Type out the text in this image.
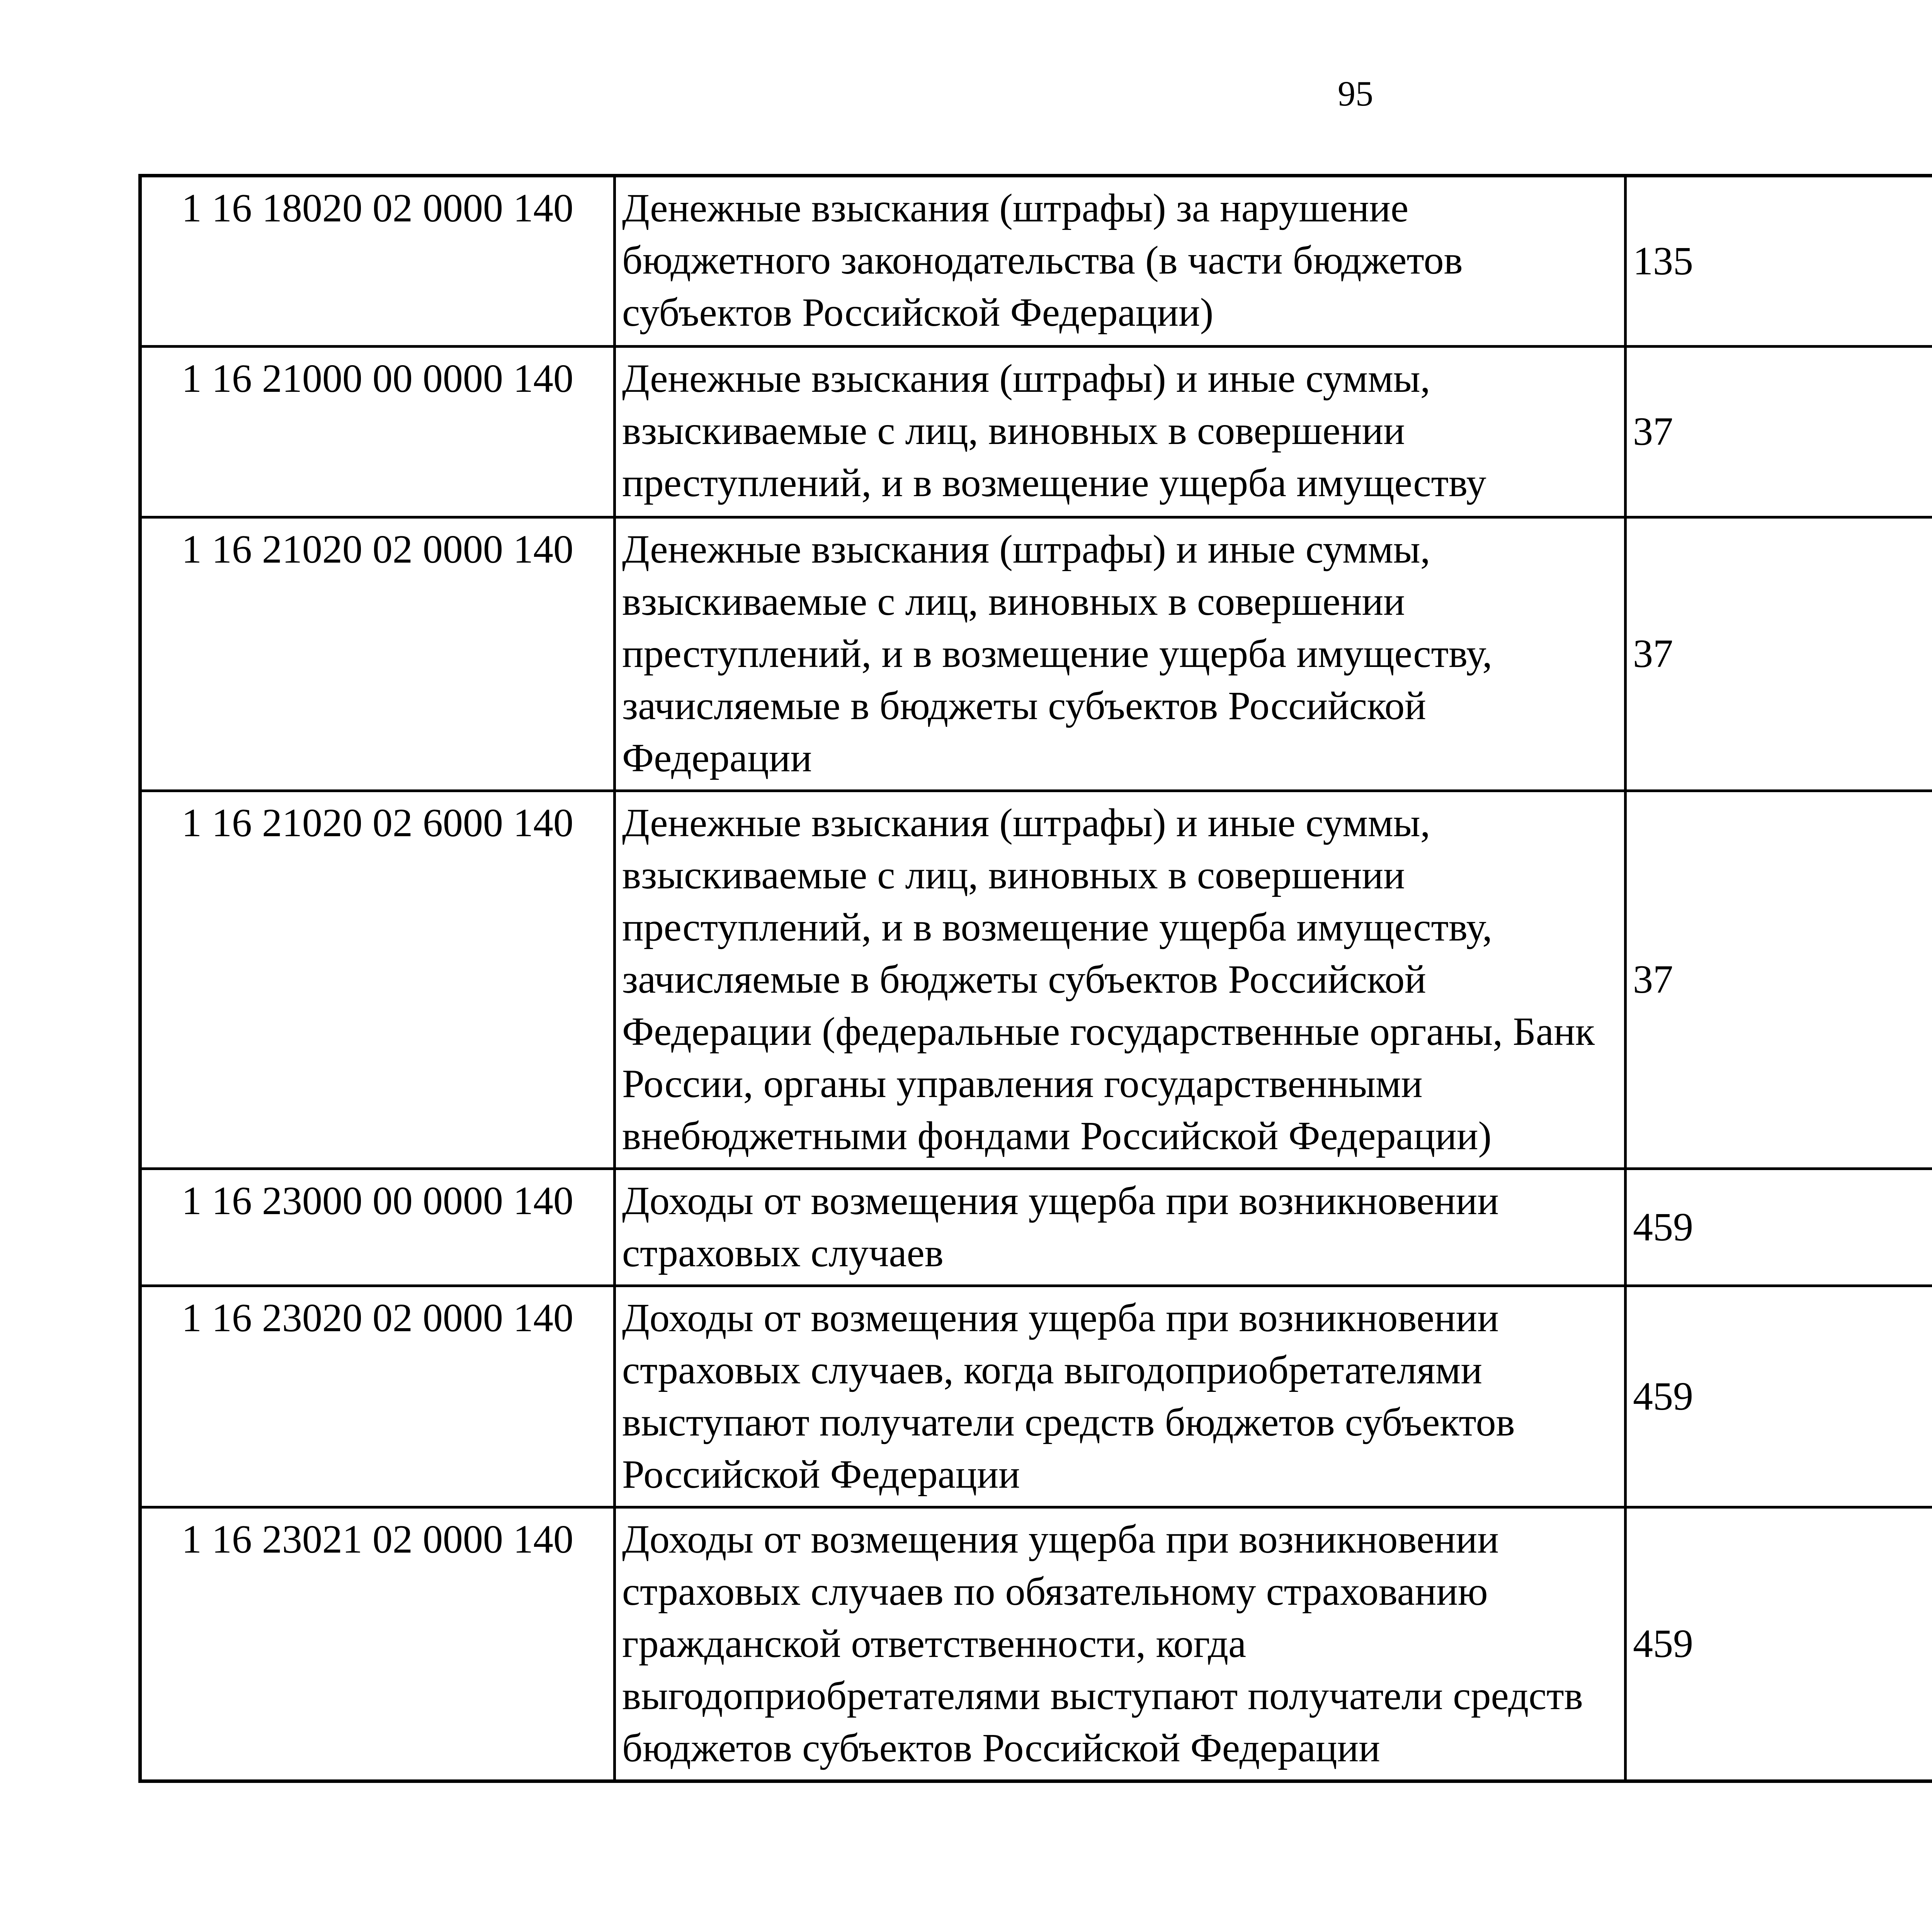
95
1 16 18020 02 0000 140	Денежные взыскания (штрафы) за нарушение бюджетного законодательства (в части бюджетов субъектов Российской Федерации)	135		
1 16 21000 00 0000 140	Денежные взыскания (штрафы) и иные суммы, взыскиваемые с лиц, виновных в совершении преступлений, и в возмещение ущерба имуществу	37		
1 16 21020 02 0000 140	Денежные взыскания (штрафы) и иные суммы, взыскиваемые с лиц, виновных в совершении преступлений, и в возмещение ущерба имуществу, зачисляемые в бюджеты субъектов Российской Федерации	37		
1 16 21020 02 6000 140	Денежные взыскания (штрафы) и иные суммы, взыскиваемые с лиц, виновных в совершении преступлений, и в возмещение ущерба имуществу, зачисляемые в бюджеты субъектов Российской Федерации (федеральные государственные органы, Банк России, органы управления государственными внебюджетными фондами Российской Федерации)	37		
1 16 23000 00 0000 140	Доходы от возмещения ущерба при возникновении страховых случаев	459		
1 16 23020 02 0000 140	Доходы от возмещения ущерба при возникновении страховых случаев, когда выгодоприобретателями выступают получатели средств бюджетов субъектов Российской Федерации	459		
1 16 23021 02 0000 140	Доходы от возмещения ущерба при возникновении страховых случаев по обязательному страхованию гражданской ответственности, когда выгодоприобретателями выступают получатели средств бюджетов субъектов Российской Федерации	459		
